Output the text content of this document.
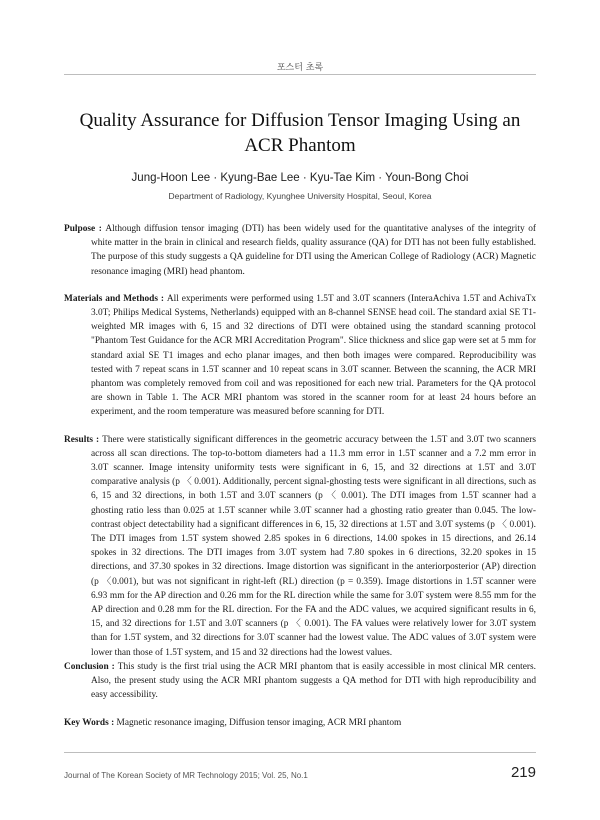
포스터 초록
Quality Assurance for Diffusion Tensor Imaging Using an ACR Phantom
Jung-Hoon Lee · Kyung-Bae Lee · Kyu-Tae Kim · Youn-Bong Choi
Department of Radiology, Kyunghee University Hospital, Seoul, Korea

Pulpose : Although diffusion tensor imaging (DTI) has been widely used for the quantitative analyses of the integrity of white matter in the brain in clinical and research fields, quality assurance (QA) for DTI has not been fully established. The purpose of this study suggests a QA guideline for DTI using the American College of Radiology (ACR) Magnetic resonance imaging (MRI) head phantom.

Materials and Methods : All experiments were performed using 1.5T and 3.0T scanners (InteraAchiva 1.5T and AchivaTx 3.0T; Philips Medical Systems, Netherlands) equipped with an 8-channel SENSE head coil. The standard axial SE T1-weighted MR images with 6, 15 and 32 directions of DTI were obtained using the standard scanning protocol "Phantom Test Guidance for the ACR MRI Accreditation Program". Slice thickness and slice gap were set at 5 mm for standard axial SE T1 images and echo planar images, and then both images were compared. Reproducibility was tested with 7 repeat scans in 1.5T scanner and 10 repeat scans in 3.0T scanner. Between the scanning, the ACR MRI phantom was completely removed from coil and was repositioned for each new trial. Parameters for the QA protocol are shown in Table 1. The ACR MRI phantom was stored in the scanner room for at least 24 hours before an experiment, and the room temperature was measured before scanning for DTI.

Results : There were statistically significant differences in the geometric accuracy between the 1.5T and 3.0T two scanners across all scan directions. The top-to-bottom diameters had a 11.3 mm error in 1.5T scanner and a 7.2 mm error in 3.0T scanner. Image intensity uniformity tests were significant in 6, 15, and 32 directions at 1.5T and 3.0T comparative analysis (p 〈 0.001). Additionally, percent signal-ghosting tests were significant in all directions, such as 6, 15 and 32 directions, in both 1.5T and 3.0T scanners (p 〈 0.001). The DTI images from 1.5T scanner had a ghosting ratio less than 0.025 at 1.5T scanner while 3.0T scanner had a ghosting ratio greater than 0.045. The low-contrast object detectability had a significant differences in 6, 15, 32 directions at 1.5T and 3.0T systems (p 〈 0.001). The DTI images from 1.5T system showed 2.85 spokes in 6 directions, 14.00 spokes in 15 directions, and 26.14 spokes in 32 directions. The DTI images from 3.0T system had 7.80 spokes in 6 directions, 32.20 spokes in 15 directions, and 37.30 spokes in 32 directions. Image distortion was significant in the anteriorposterior (AP) direction (p 〈0.001), but was not significant in right-left (RL) direction (p = 0.359). Image distortions in 1.5T scanner were 6.93 mm for the AP direction and 0.26 mm for the RL direction while the same for 3.0T system were 8.55 mm for the AP direction and 0.28 mm for the RL direction. For the FA and the ADC values, we acquired significant results in 6, 15, and 32 directions for 1.5T and 3.0T scanners (p 〈 0.001). The FA values were relatively lower for 3.0T system than for 1.5T system, and 32 directions for 3.0T scanner had the lowest value. The ADC values of 3.0T system were lower than those of 1.5T system, and 15 and 32 directions had the lowest values.

Conclusion : This study is the first trial using the ACR MRI phantom that is easily accessible in most clinical MR centers. Also, the present study using the ACR MRI phantom suggests a QA method for DTI with high reproducibility and easy accessibility.

Key Words : Magnetic resonance imaging, Diffusion tensor imaging, ACR MRI phantom

Journal of The Korean Society of MR Technology 2015; Vol. 25, No.1	219
